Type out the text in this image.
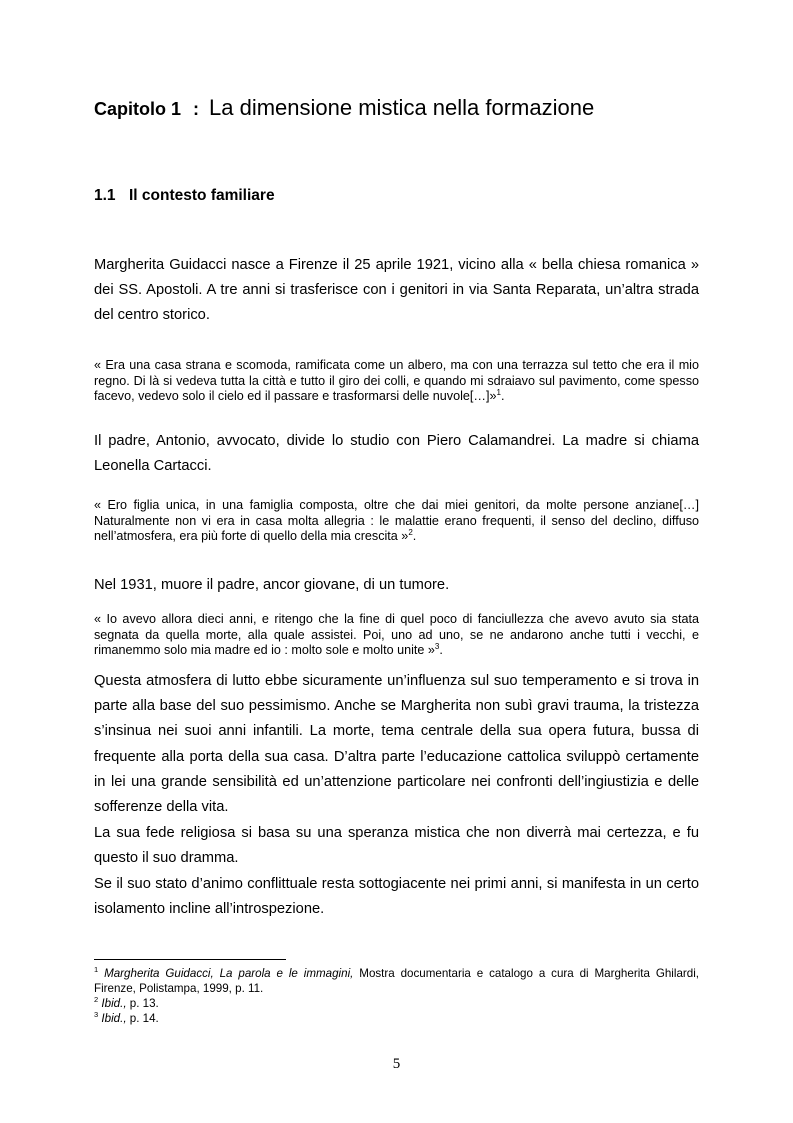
Capitolo 1 : La dimensione mistica nella formazione
1.1 Il contesto familiare

Margherita Guidacci nasce a Firenze il 25 aprile 1921, vicino alla « bella chiesa romanica » dei SS. Apostoli. A tre anni si trasferisce con i genitori in via Santa Reparata, un’altra strada del centro storico.

« Era una casa strana e scomoda, ramificata come un albero, ma con una terrazza sul tetto che era il mio regno. Di là si vedeva tutta la città e tutto il giro dei colli, e quando mi sdraiavo sul pavimento, come spesso facevo, vedevo solo il cielo ed il passare e trasformarsi delle nuvole[…]»$^1$.

Il padre, Antonio, avvocato, divide lo studio con Piero Calamandrei. La madre si chiama Leonella Cartacci.

« Ero figlia unica, in una famiglia composta, oltre che dai miei genitori, da molte persone anziane[…] Naturalmente non vi era in casa molta allegria : le malattie erano frequenti, il senso del declino, diffuso nell’atmosfera, era più forte di quello della mia crescita »$^2$.

Nel 1931, muore il padre, ancor giovane, di un tumore.

« Io avevo allora dieci anni, e ritengo che la fine di quel poco di fanciullezza che avevo avuto sia stata segnata da quella morte, alla quale assistei. Poi, uno ad uno, se ne andarono anche tutti i vecchi, e rimanemmo solo mia madre ed io : molto sole e molto unite »$^3$.

Questa atmosfera di lutto ebbe sicuramente un’influenza sul suo temperamento e si trova in parte alla base del suo pessimismo. Anche se Margherita non subì gravi trauma, la tristezza s’insinua nei suoi anni infantili. La morte, tema centrale della sua opera futura, bussa di frequente alla porta della sua casa. D’altra parte l’educazione cattolica sviluppò certamente in lei una grande sensibilità ed un’attenzione particolare nei confronti dell’ingiustizia e delle sofferenze della vita.

La sua fede religiosa si basa su una speranza mistica che non diverrà mai certezza, e fu questo il suo dramma.

Se il suo stato d’animo conflittuale resta sottogiacente nei primi anni, si manifesta in un certo isolamento incline all’introspezione.

$^1$ Margherita Guidacci, La parola e le immagini, Mostra documentaria e catalogo a cura di Margherita Ghilardi, Firenze, Polistampa, 1999, p. 11.

$^2$ Ibid., p. 13.

$^3$ Ibid., p. 14.

5
